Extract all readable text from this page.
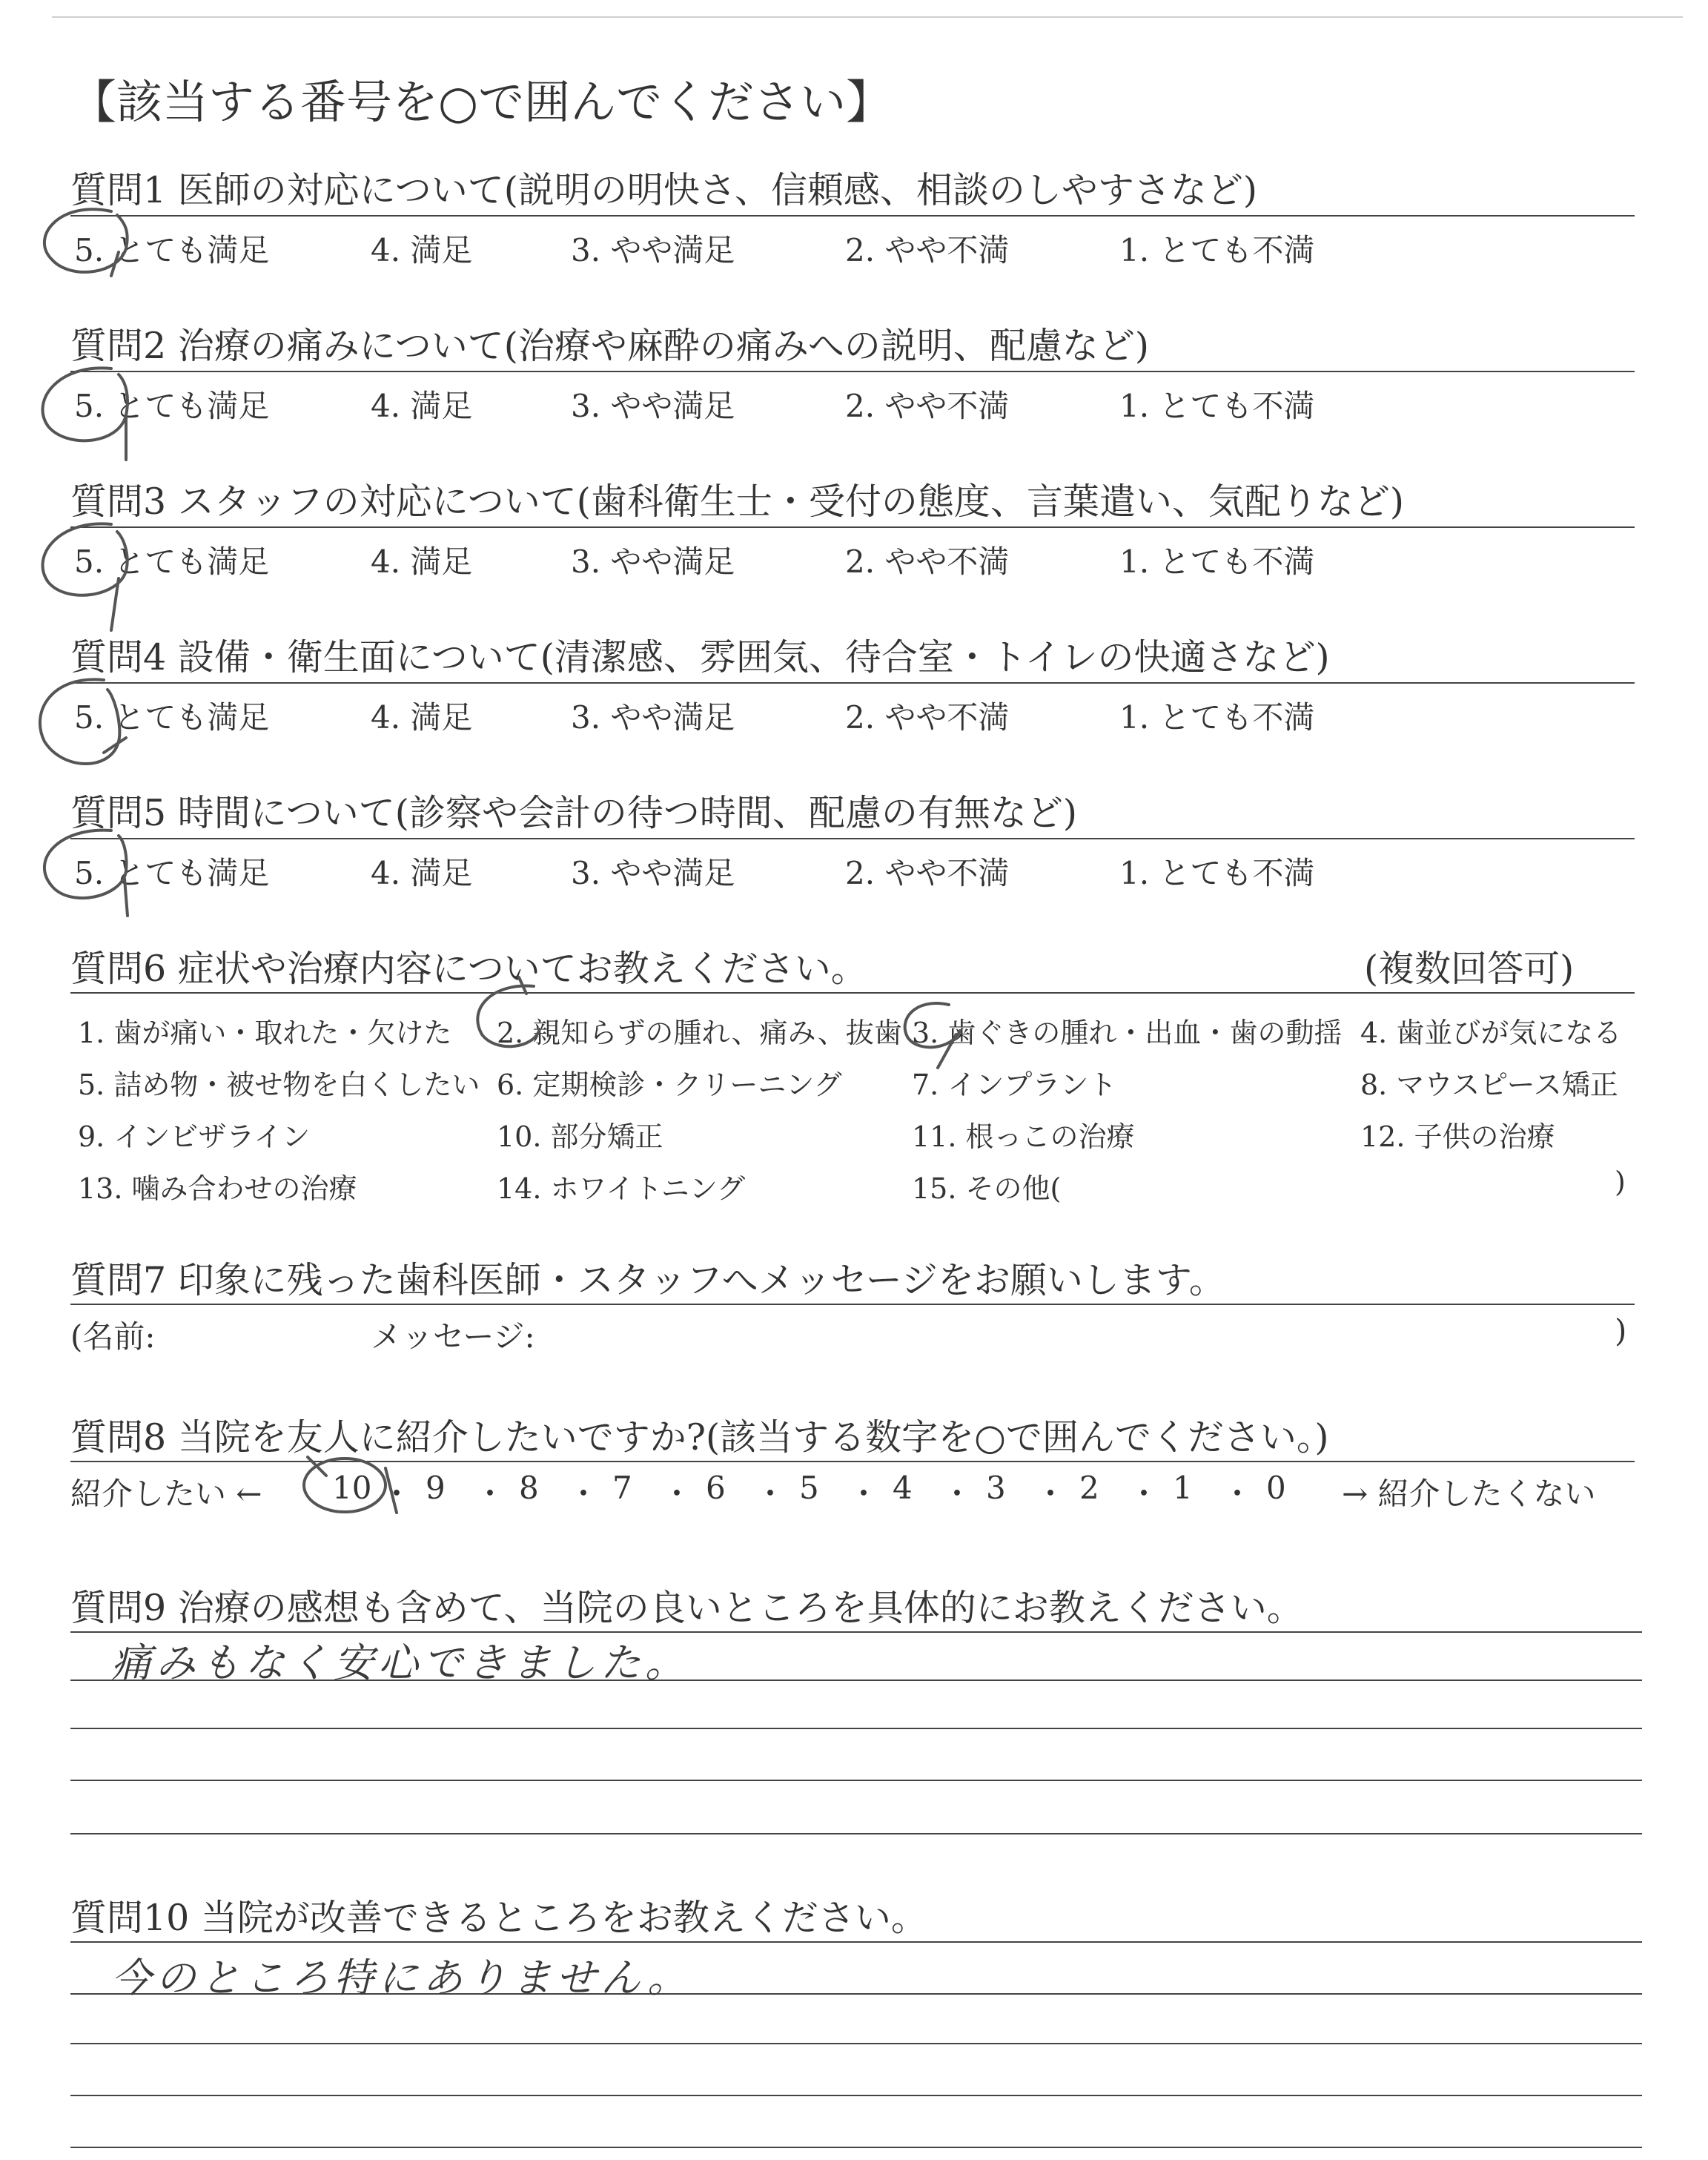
【該当する番号を○で囲んでください】
質問1 医師の対応について(説明の明快さ、信頼感、相談のしやすさなど)
5. とても満足	4. 満足	3. やや満足	2. やや不満	1. とても不満
質問2 治療の痛みについて(治療や麻酔の痛みへの説明、配慮など)
5. とても満足	4. 満足	3. やや満足	2. やや不満	1. とても不満
質問3 スタッフの対応について(歯科衛生士・受付の態度、言葉遣い、気配りなど)
5. とても満足	4. 満足	3. やや満足	2. やや不満	1. とても不満
質問4 設備・衛生面について(清潔感、雰囲気、待合室・トイレの快適さなど)
5. とても満足	4. 満足	3. やや満足	2. やや不満	1. とても不満
質問5 時間について(診察や会計の待つ時間、配慮の有無など)
5. とても満足	4. 満足	3. やや満足	2. やや不満	1. とても不満
質問6 症状や治療内容についてお教えください。	(複数回答可)
1. 歯が痛い・取れた・欠けた 2. 親知らずの腫れ、痛み、抜歯 3. 歯ぐきの腫れ・出血・歯の動揺 4. 歯並びが気になる
5. 詰め物・被せ物を白くしたい 6. 定期検診・クリーニング 7. インプラント	8. マウスピース矯正
9. インビザライン	10. 部分矯正	11. 根っこの治療	12. 子供の治療
13. 噛み合わせの治療	14. ホワイトニング	15. その他(	)
質問7 印象に残った歯科医師・スタッフへメッセージをお願いします。
(名前:	メッセージ:	)
質問8 当院を友人に紹介したいですか?(該当する数字を○で囲んでください。)
紹介したい ←	→ 紹介したくない
10 ・ 9 ・ 8 ・ 7 ・ 6 ・ 5 ・ 4 ・ 3 ・ 2 ・ 1 ・ 0
質問9 治療の感想も含めて、当院の良いところを具体的にお教えください。
痛みもなく安心できました。
質問10 当院が改善できるところをお教えください。
今のところ特にありません。
